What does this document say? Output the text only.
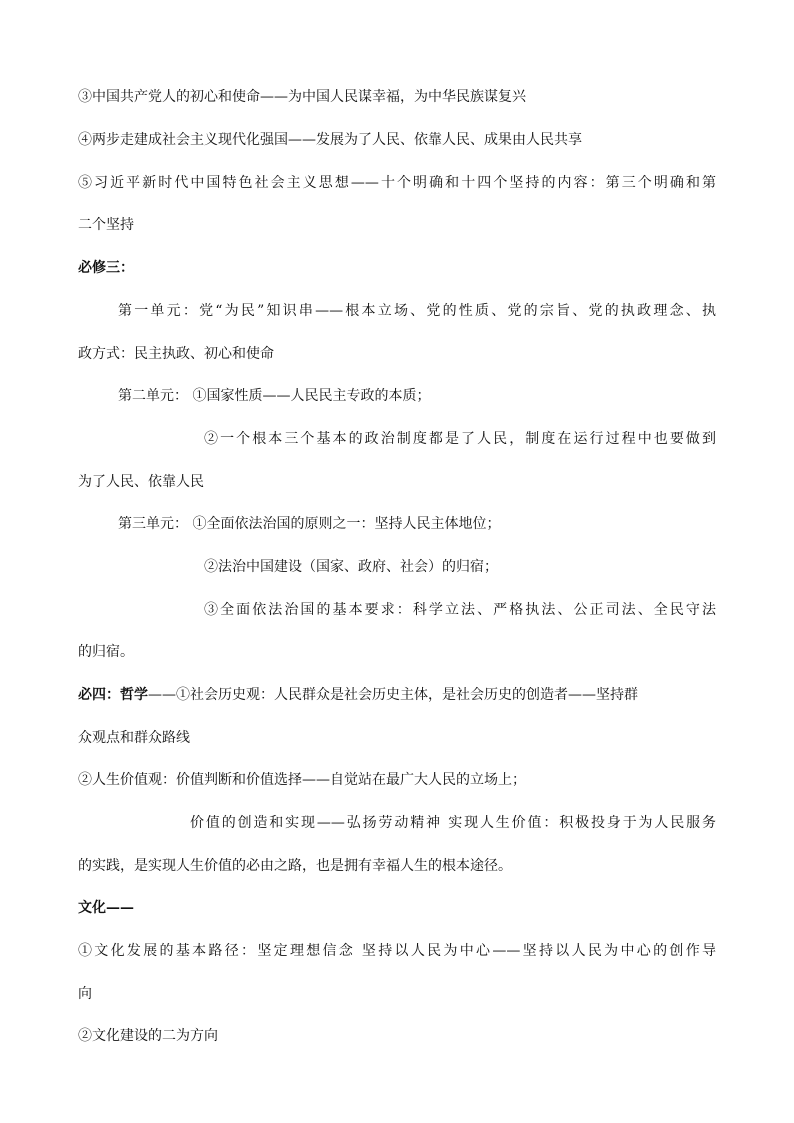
③中国共产党人的初心和使命——为中国人民谋幸福，为中华民族谋复兴
④两步走建成社会主义现代化强国——发展为了人民、依靠人民、成果由人民共享
⑤习近平新时代中国特色社会主义思想——十个明确和十四个坚持的内容：第三个明确和第
二个坚持
必修三：
第一单元：党“为民”知识串——根本立场、党的性质、党的宗旨、党的执政理念、执
政方式：民主执政、初心和使命
第二单元： ①国家性质——人民民主专政的本质；
②一个根本三个基本的政治制度都是了人民，制度在运行过程中也要做到
为了人民、依靠人民
第三单元： ①全面依法治国的原则之一：坚持人民主体地位；
②法治中国建设（国家、政府、社会）的归宿；
③全面依法治国的基本要求：科学立法、严格执法、公正司法、全民守法
的归宿。
必四：哲学——①社会历史观：人民群众是社会历史主体，是社会历史的创造者——坚持群
众观点和群众路线
②人生价值观：价值判断和价值选择——自觉站在最广大人民的立场上；
价值的创造和实现——弘扬劳动精神 实现人生价值：积极投身于为人民服务
的实践，是实现人生价值的必由之路，也是拥有幸福人生的根本途径。
文化——
①文化发展的基本路径：坚定理想信念 坚持以人民为中心——坚持以人民为中心的创作导
向
②文化建设的二为方向
